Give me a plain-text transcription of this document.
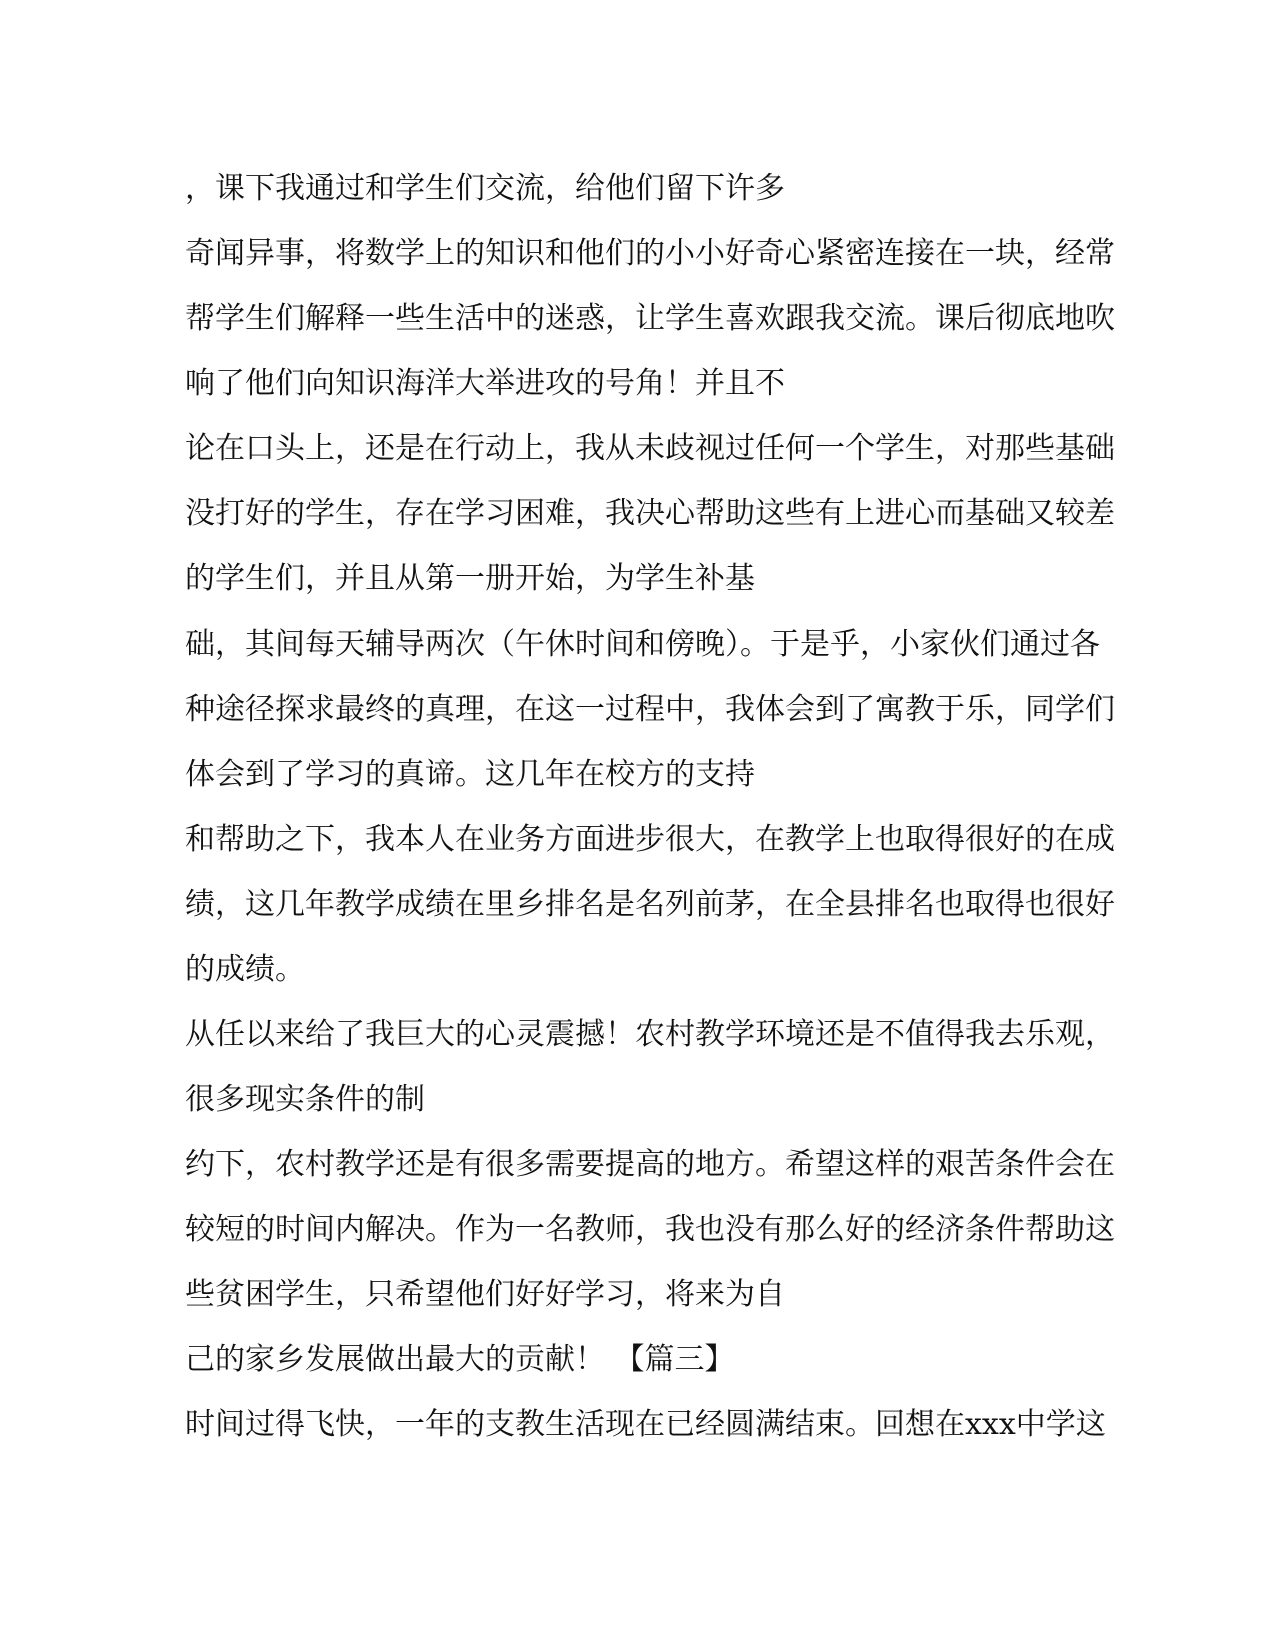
，课下我通过和学生们交流，给他们留下许多
奇闻异事，将数学上的知识和他们的小小好奇心紧密连接在一块，经常
帮学生们解释一些生活中的迷惑，让学生喜欢跟我交流。课后彻底地吹
响了他们向知识海洋大举进攻的号角！并且不
论在口头上，还是在行动上，我从未歧视过任何一个学生，对那些基础
没打好的学生，存在学习困难，我决心帮助这些有上进心而基础又较差
的学生们，并且从第一册开始，为学生补基
础，其间每天辅导两次（午休时间和傍晚）。于是乎，小家伙们通过各
种途径探求最终的真理，在这一过程中，我体会到了寓教于乐，同学们
体会到了学习的真谛。这几年在校方的支持
和帮助之下，我本人在业务方面进步很大，在教学上也取得很好的在成
绩，这几年教学成绩在里乡排名是名列前茅，在全县排名也取得也很好
的成绩。
从任以来给了我巨大的心灵震撼！农村教学环境还是不值得我去乐观，
很多现实条件的制
约下，农村教学还是有很多需要提高的地方。希望这样的艰苦条件会在
较短的时间内解决。作为一名教师，我也没有那么好的经济条件帮助这
些贫困学生，只希望他们好好学习，将来为自
己的家乡发展做出最大的贡献！ 【篇三】
时间过得飞快，一年的支教生活现在已经圆满结束。回想在xxx中学这
